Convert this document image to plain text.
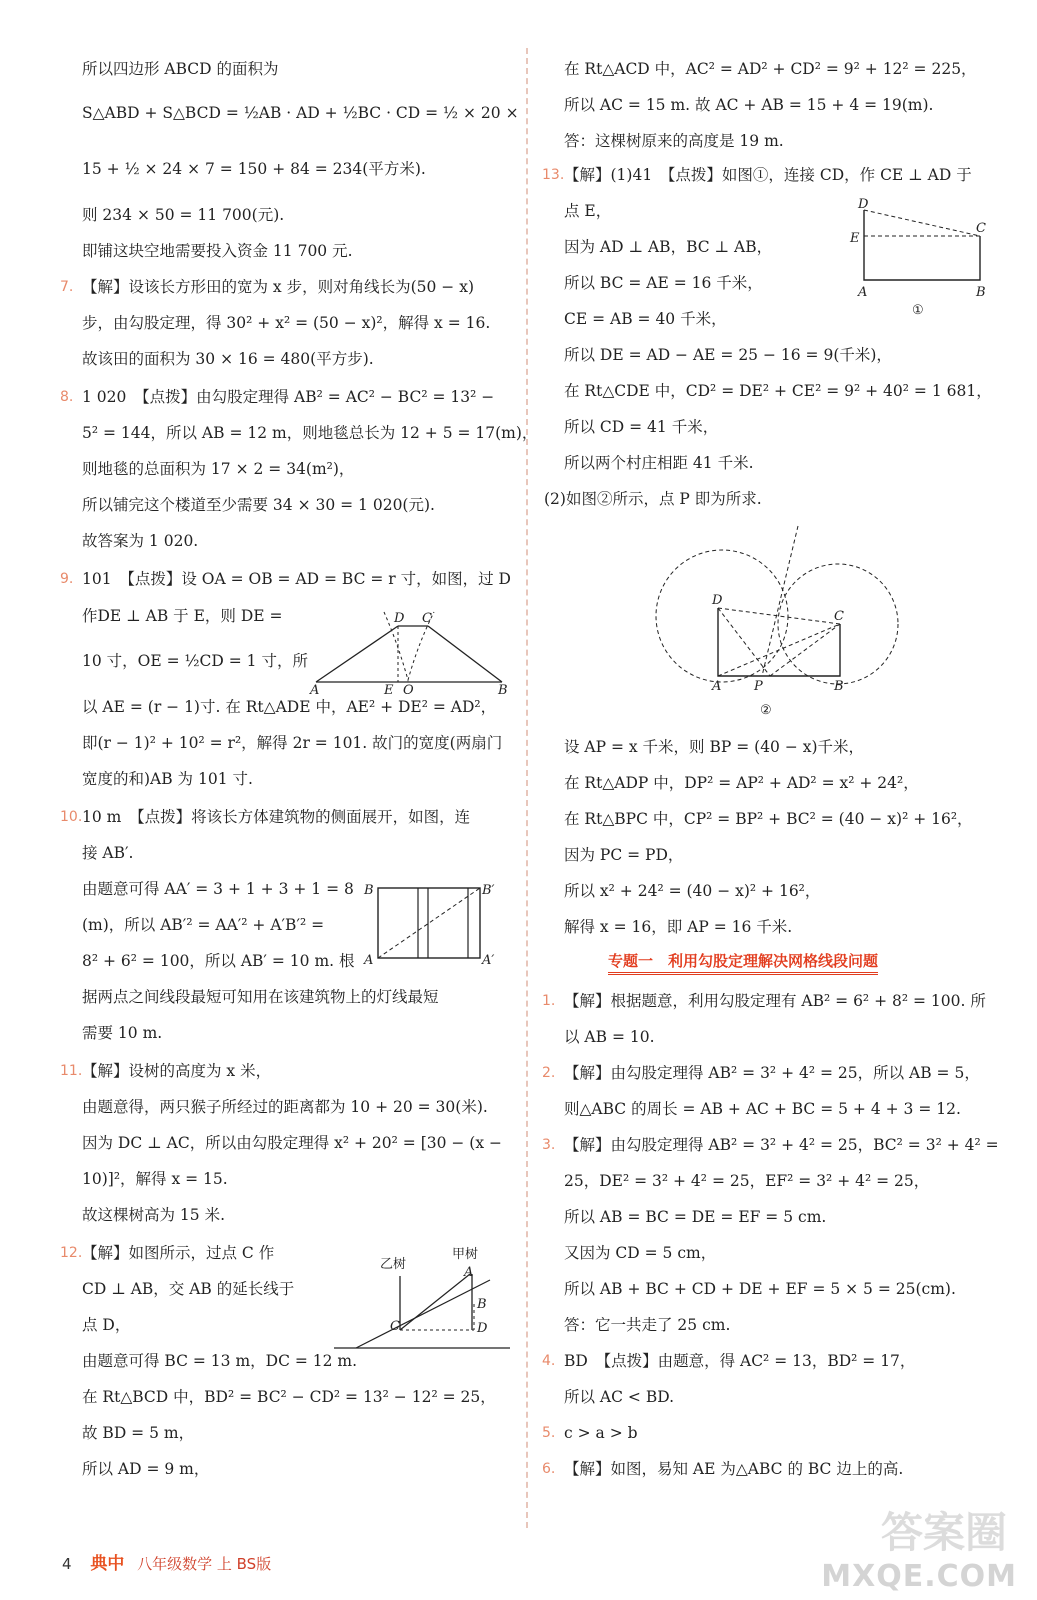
所以四边形 ABCD 的面积为
S△ABD + S△BCD = ½AB · AD + ½BC · CD = ½ × 20 ×
15 + ½ × 24 × 7 = 150 + 84 = 234(平方米).
则 234 × 50 = 11 700(元).
即铺这块空地需要投入资金 11 700 元.
7. 【解】设该长方形田的宽为 x 步，则对角线长为(50 − x)
步，由勾股定理，得 30² + x² = (50 − x)²，解得 x = 16.
故该田的面积为 30 × 16 = 480(平方步).
8. 1 020　【点拨】由勾股定理得 AB² = AC² − BC² = 13² −
5² = 144，所以 AB = 12 m，则地毯总长为 12 + 5 = 17(m)，
则地毯的总面积为 17 × 2 = 34(m²)，
所以铺完这个楼道至少需要 34 × 30 = 1 020(元).
故答案为 1 020.
9. 101　【点拨】设 OA = OB = AD = BC = r 寸，如图，过 D
作DE ⊥ AB 于 E，则 DE =
10 寸，OE = ½CD = 1 寸，所
以 AE = (r − 1)寸. 在 Rt△ADE 中，AE² + DE² = AD²，
即(r − 1)² + 10² = r²，解得 2r = 101. 故门的宽度(两扇门
宽度的和)AB 为 101 寸.
10. 10 m　【点拨】将该长方体建筑物的侧面展开，如图，连
接 AB′.
由题意可得 AA′ = 3 + 1 + 3 + 1 = 8
(m)，所以 AB′² = AA′² + A′B′² =
8² + 6² = 100，所以 AB′ = 10 m. 根
据两点之间线段最短可知用在该建筑物上的灯线最短
需要 10 m.
11. 【解】设树的高度为 x 米，
由题意得，两只猴子所经过的距离都为 10 + 20 = 30(米).
因为 DC ⊥ AC，所以由勾股定理得 x² + 20² = [30 − (x −
10)]²，解得 x = 15.
故这棵树高为 15 米.
12. 【解】如图所示，过点 C 作
CD ⊥ AB，交 AB 的延长线于
点 D，
由题意可得 BC = 13 m，DC = 12 m.
在 Rt△BCD 中，BD² = BC² − CD² = 13² − 12² = 25，
故 BD = 5 m，
所以 AD = 9 m，
在 Rt△ACD 中，AC² = AD² + CD² = 9² + 12² = 225，
所以 AC = 15 m. 故 AC + AB = 15 + 4 = 19(m).
答：这棵树原来的高度是 19 m.
13. 【解】(1)41　【点拨】如图①，连接 CD，作 CE ⊥ AD 于
点 E，
因为 AD ⊥ AB，BC ⊥ AB，
所以 BC = AE = 16 千米，
CE = AB = 40 千米，
所以 DE = AD − AE = 25 − 16 = 9(千米)，
在 Rt△CDE 中，CD² = DE² + CE² = 9² + 40² = 1 681，
所以 CD = 41 千米，
所以两个村庄相距 41 千米.
(2)如图②所示，点 P 即为所求.
设 AP = x 千米，则 BP = (40 − x)千米，
在 Rt△ADP 中，DP² = AP² + AD² = x² + 24²，
在 Rt△BPC 中，CP² = BP² + BC² = (40 − x)² + 16²，
因为 PC = PD，
所以 x² + 24² = (40 − x)² + 16²，
解得 x = 16，即 AP = 16 千米.
1. 【解】根据题意，利用勾股定理有 AB² = 6² + 8² = 100. 所
以 AB = 10.
2. 【解】由勾股定理得 AB² = 3² + 4² = 25，所以 AB = 5，
则△ABC 的周长 = AB + AC + BC = 5 + 4 + 3 = 12.
3. 【解】由勾股定理得 AB² = 3² + 4² = 25，BC² = 3² + 4² =
25，DE² = 3² + 4² = 25，EF² = 3² + 4² = 25，
所以 AB = BC = DE = EF = 5 cm.
又因为 CD = 5 cm，
所以 AB + BC + CD + DE + EF = 5 × 5 = 25(cm).
答：它一共走了 25 cm.
4. BD　【点拨】由题意，得 AC² = 13，BD² = 17，
所以 AC < BD.
5. c > a > b
6. 【解】如图，易知 AE 为△ABC 的 BC 边上的高.
专题一　利用勾股定理解决网格线段问题
D C
A	E O	B
B	B′
A	A′
乙树
甲树
A
B
C	D
D
E
C
A	B
①
D
C
A	P	B
②
4 典中 八年级数学 上 BS版
答案圈
MXQE.COM
